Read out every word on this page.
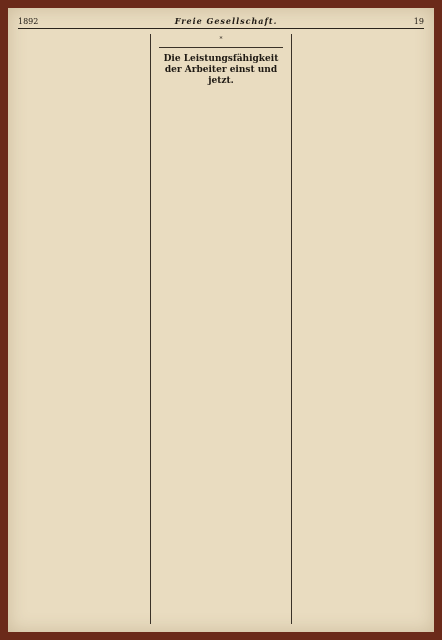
1892	Freie Gesellschaft.	19

*
Die Leistungsfähigkeit der Arbeiter einst und jetzt.
